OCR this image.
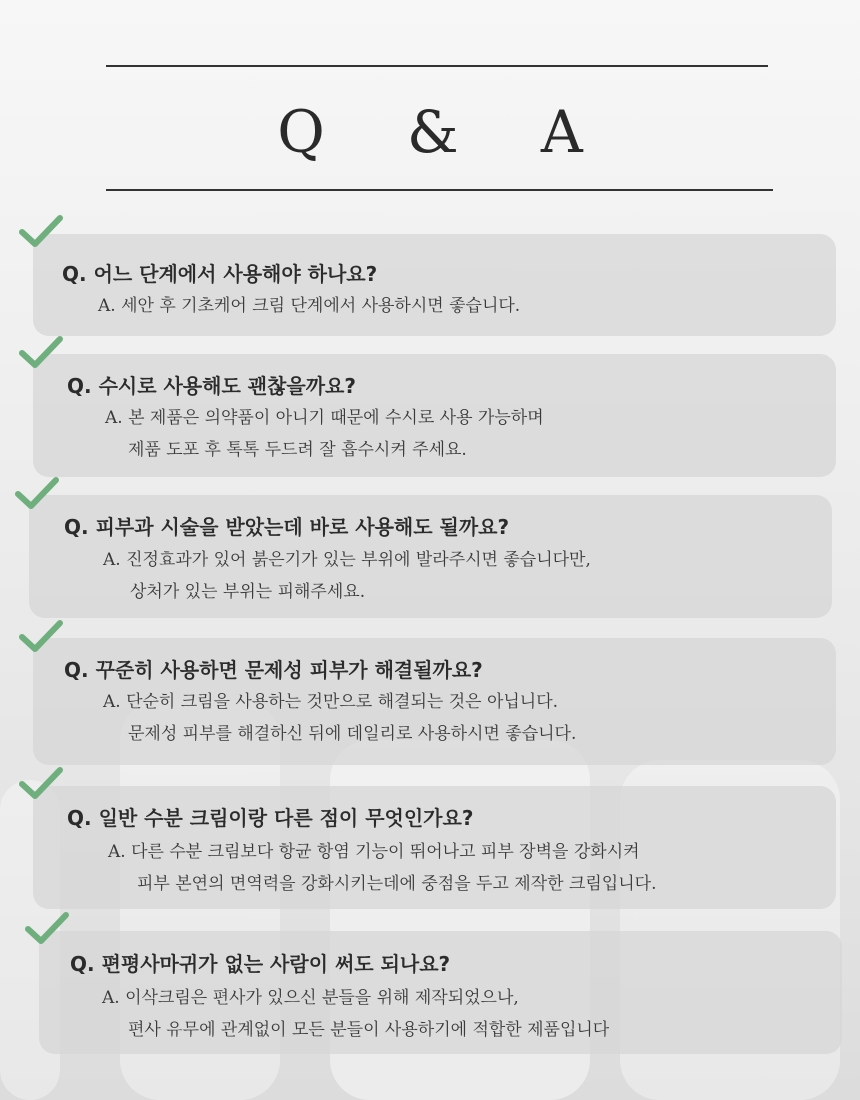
Q & A
Q. 어느 단계에서 사용해야 하나요?
A. 세안 후 기초케어 크림 단계에서 사용하시면 좋습니다.
Q. 수시로 사용해도 괜찮을까요?
A. 본 제품은 의약품이 아니기 때문에 수시로 사용 가능하며
제품 도포 후 톡톡 두드려 잘 흡수시켜 주세요.
Q. 피부과 시술을 받았는데 바로 사용해도 될까요?
A. 진정효과가 있어 붉은기가 있는 부위에 발라주시면 좋습니다만,
상처가 있는 부위는 피해주세요.
Q. 꾸준히 사용하면 문제성 피부가 해결될까요?
A. 단순히 크림을 사용하는 것만으로 해결되는 것은 아닙니다.
문제성 피부를 해결하신 뒤에 데일리로 사용하시면 좋습니다.
Q. 일반 수분 크림이랑 다른 점이 무엇인가요?
A. 다른 수분 크림보다 항균 항염 기능이 뛰어나고 피부 장벽을 강화시켜
피부 본연의 면역력을 강화시키는데에 중점을 두고 제작한 크림입니다.
Q. 편평사마귀가 없는 사람이 써도 되나요?
A. 이삭크림은 편사가 있으신 분들을 위해 제작되었으나,
편사 유무에 관계없이 모든 분들이 사용하기에 적합한 제품입니다
